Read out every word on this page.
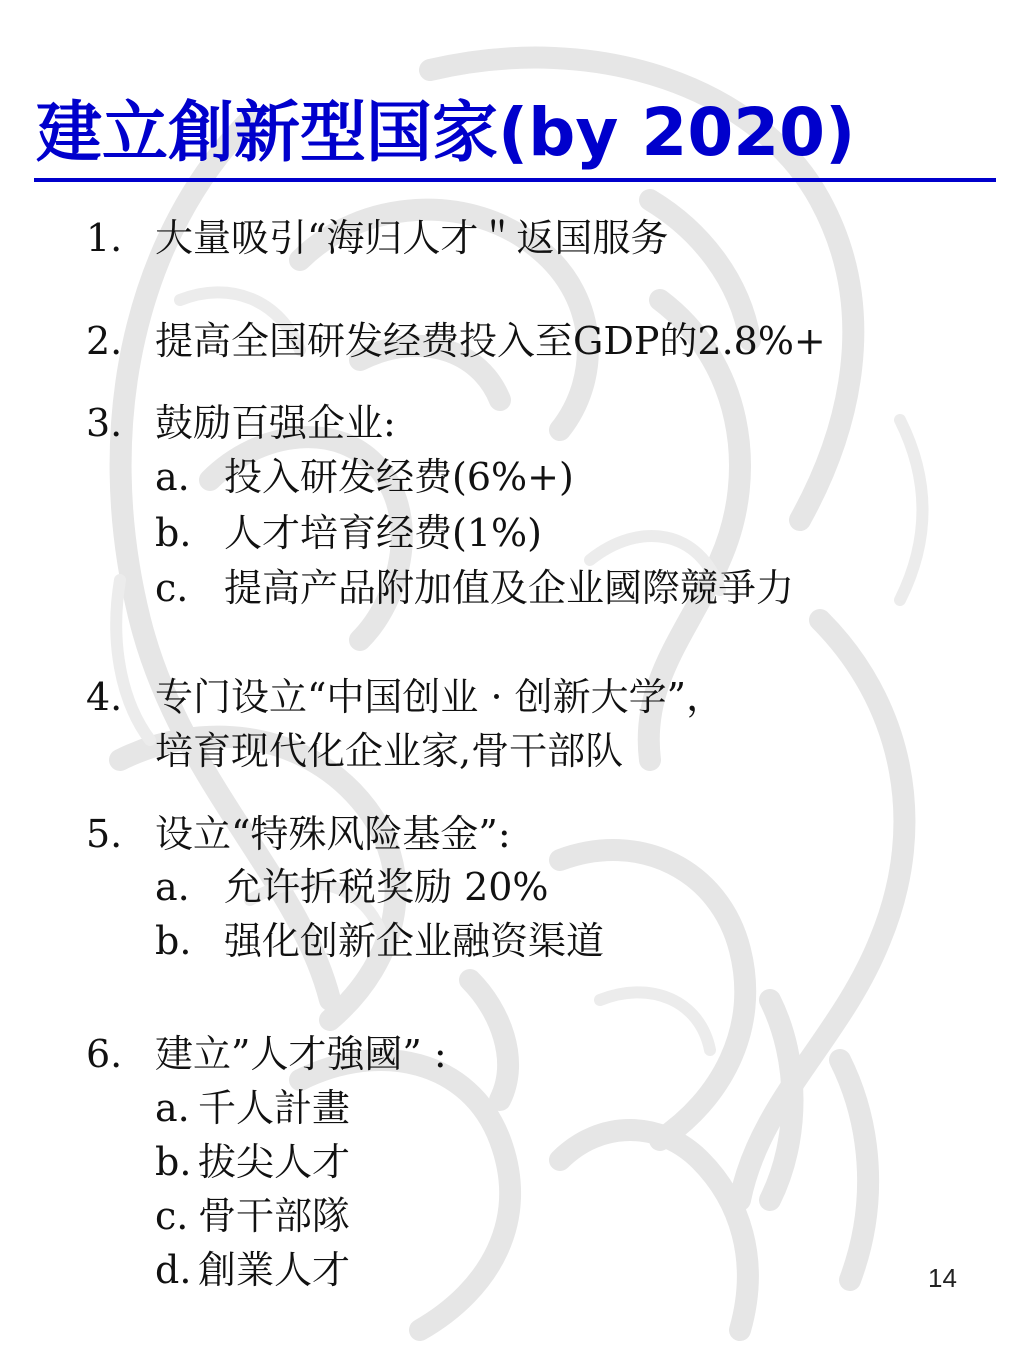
建立創新型国家(by 2020)
1. 大量吸引“海归人才＂返国服务
2. 提高全国研发经费投入至GDP的2.8%+
3. 鼓励百强企业:
a. 投入研发经费(6%+)
b. 人才培育经费(1%)
c. 提高产品附加值及企业國際競爭力
4. 专门设立“中国创业 · 创新大学”，
培育现代化企业家,骨干部队
5. 设立“特殊风险基金”:
a. 允许折税奖励 20%
b. 强化创新企业融资渠道
6. 建立”人才強國” :
a. 千人計畫
b. 拔尖人才
c. 骨干部隊
d. 創業人才	14
